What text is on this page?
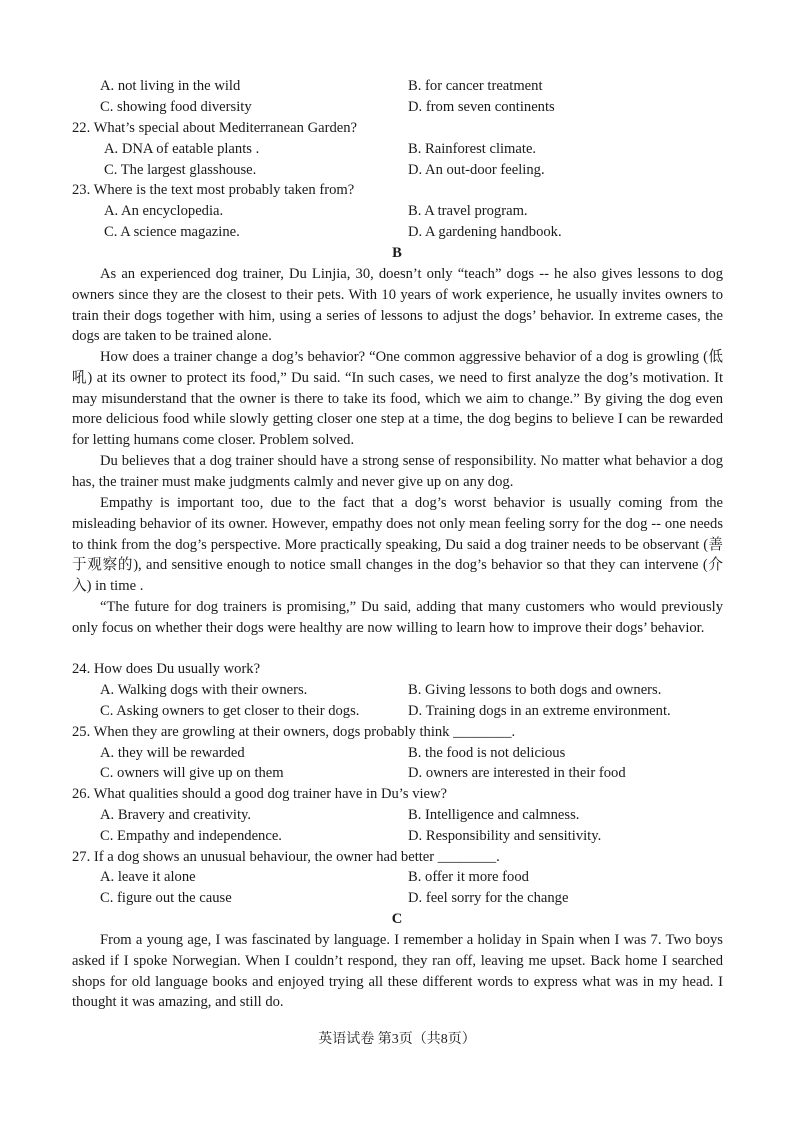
A. not living in the wild	B. for cancer treatment
C. showing food diversity	D. from seven continents
22. What’s special about Mediterranean Garden?
A. DNA of eatable plants .	B. Rainforest climate.
C. The largest glasshouse.	D. An out-door feeling.
23. Where is the text most probably taken from?
A. An encyclopedia.	B. A travel program.
C. A science magazine.	D. A gardening handbook.
B

As an experienced dog trainer, Du Linjia, 30, doesn’t only “teach” dogs -- he also gives lessons to dog owners since they are the closest to their pets. With 10 years of work experience, he usually invites owners to train their dogs together with him, using a series of lessons to adjust the dogs’ behavior. In extreme cases, the dogs are taken to be trained alone.

How does a trainer change a dog’s behavior? “One common aggressive behavior of a dog is growling (低吼) at its owner to protect its food,” Du said. “In such cases, we need to first analyze the dog’s motivation. It may misunderstand that the owner is there to take its food, which we aim to change.” By giving the dog even more delicious food while slowly getting closer one step at a time, the dog begins to believe I can be rewarded for letting humans come closer. Problem solved.

Du believes that a dog trainer should have a strong sense of responsibility. No matter what behavior a dog has, the trainer must make judgments calmly and never give up on any dog.

Empathy is important too, due to the fact that a dog’s worst behavior is usually coming from the misleading behavior of its owner. However, empathy does not only mean feeling sorry for the dog -- one needs to think from the dog’s perspective. More practically speaking, Du said a dog trainer needs to be observant (善于观察的), and sensitive enough to notice small changes in the dog’s behavior so that they can intervene (介入) in time .

“The future for dog trainers is promising,” Du said, adding that many customers who would previously only focus on whether their dogs were healthy are now willing to learn how to improve their dogs’ behavior.

24. How does Du usually work?
A. Walking dogs with their owners.	B. Giving lessons to both dogs and owners.
C. Asking owners to get closer to their dogs.	D. Training dogs in an extreme environment.
25. When they are growling at their owners, dogs probably think ________.
A. they will be rewarded	B. the food is not delicious
C. owners will give up on them	D. owners are interested in their food
26. What qualities should a good dog trainer have in Du’s view?
A. Bravery and creativity.	B. Intelligence and calmness.
C. Empathy and independence.	D. Responsibility and sensitivity.
27. If a dog shows an unusual behaviour, the owner had better ________.
A. leave it alone	B. offer it more food
C. figure out the cause	D. feel sorry for the change
C

From a young age, I was fascinated by language. I remember a holiday in Spain when I was 7. Two boys asked if I spoke Norwegian. When I couldn’t respond, they ran off, leaving me upset. Back home I searched shops for old language books and enjoyed trying all these different words to express what was in my head. I thought it was amazing, and still do.

英语试卷 第3页（共8页）
